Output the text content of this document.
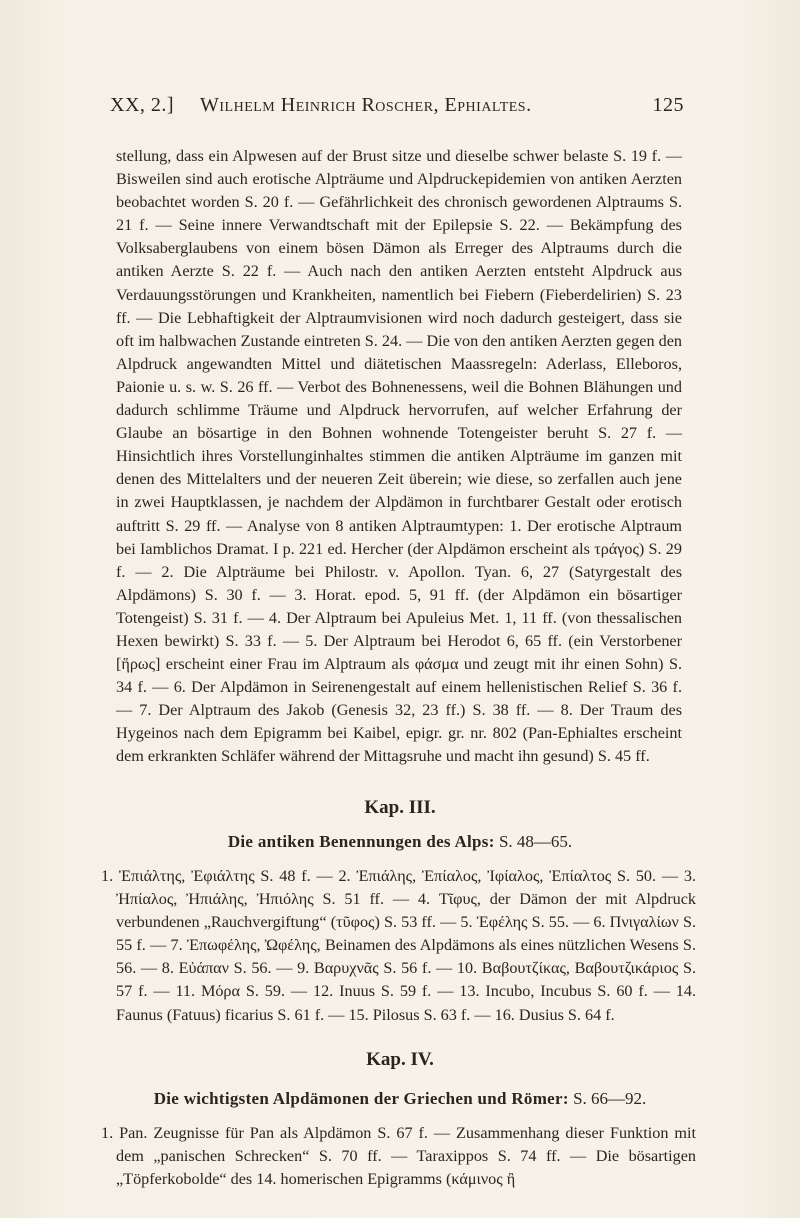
XX, 2.] Wilhelm Heinrich Roscher, Ephialtes.	125

stellung, dass ein Alpwesen auf der Brust sitze und dieselbe schwer belaste S. 19 f. — Bisweilen sind auch erotische Alpträume und Alpdruckepidemien von antiken Aerzten beobachtet worden S. 20 f. — Gefährlichkeit des chronisch gewordenen Alptraums S. 21 f. — Seine innere Verwandtschaft mit der Epilepsie S. 22. — Bekämpfung des Volksaberglaubens von einem bösen Dämon als Erreger des Alptraums durch die antiken Aerzte S. 22 f. — Auch nach den antiken Aerzten entsteht Alpdruck aus Verdauungsstörungen und Krankheiten, namentlich bei Fiebern (Fieberdelirien) S. 23 ff. — Die Lebhaftigkeit der Alptraumvisionen wird noch dadurch gesteigert, dass sie oft im halbwachen Zustande eintreten S. 24. — Die von den antiken Aerzten gegen den Alpdruck angewandten Mittel und diätetischen Maassregeln: Aderlass, Elleboros, Paionie u. s. w. S. 26 ff. — Verbot des Bohnenessens, weil die Bohnen Blähungen und dadurch schlimme Träume und Alpdruck hervorrufen, auf welcher Erfahrung der Glaube an bösartige in den Bohnen wohnende Totengeister beruht S. 27 f. — Hinsichtlich ihres Vorstellunginhaltes stimmen die antiken Alpträume im ganzen mit denen des Mittelalters und der neueren Zeit überein; wie diese, so zerfallen auch jene in zwei Hauptklassen, je nachdem der Alpdämon in furchtbarer Gestalt oder erotisch auftritt S. 29 ff. — Analyse von 8 antiken Alptraumtypen: 1. Der erotische Alptraum bei Iamblichos Dramat. I p. 221 ed. Hercher (der Alpdämon erscheint als τράγος) S. 29 f. — 2. Die Alpträume bei Philostr. v. Apollon. Tyan. 6, 27 (Satyrgestalt des Alpdämons) S. 30 f. — 3. Horat. epod. 5, 91 ff. (der Alpdämon ein bösartiger Totengeist) S. 31 f. — 4. Der Alptraum bei Apuleius Met. 1, 11 ff. (von thessalischen Hexen bewirkt) S. 33 f. — 5. Der Alptraum bei Herodot 6, 65 ff. (ein Verstorbener [ἥρως] erscheint einer Frau im Alptraum als φάσμα und zeugt mit ihr einen Sohn) S. 34 f. — 6. Der Alpdämon in Seirenengestalt auf einem hellenistischen Relief S. 36 f. — 7. Der Alptraum des Jakob (Genesis 32, 23 ff.) S. 38 ff. — 8. Der Traum des Hygeinos nach dem Epigramm bei Kaibel, epigr. gr. nr. 802 (Pan-Ephialtes erscheint dem erkrankten Schläfer während der Mittagsruhe und macht ihn gesund) S. 45 ff.

Kap. III.
Die antiken Benennungen des Alps: S. 48—65.

1. Ἐπιάλτης, Ἐφιάλτης S. 48 f. — 2. Ἐπιάλης, Ἐπίαλος, Ἰφίαλος, Ἐπίαλτος S. 50. — 3. Ἠπίαλος, Ἠπιάλης, Ἠπιόλης S. 51 ff. — 4. Τῖφυς, der Dämon der mit Alpdruck verbundenen „Rauchvergiftung“ (τῦφος) S. 53 ff. — 5. Ἐφέλης S. 55. — 6. Πνιγαλίων S. 55 f. — 7. Ἐπωφέλης, Ὠφέλης, Beinamen des Alpdämons als eines nützlichen Wesens S. 56. — 8. Εὐάπαν S. 56. — 9. Βαρυχνᾶς S. 56 f. — 10. Βαβουτζίκας, Βαβουτζικάριος S. 57 f. — 11. Μόρα S. 59. — 12. Inuus S. 59 f. — 13. Incubo, Incubus S. 60 f. — 14. Faunus (Fatuus) ficarius S. 61 f. — 15. Pilosus S. 63 f. — 16. Dusius S. 64 f.

Kap. IV.
Die wichtigsten Alpdämonen der Griechen und Römer: S. 66—92.

1. Pan. Zeugnisse für Pan als Alpdämon S. 67 f. — Zusammenhang dieser Funktion mit dem „panischen Schrecken“ S. 70 ff. — Taraxippos S. 74 ff. — Die bösartigen „Töpferkobolde“ des 14. homerischen Epigramms (κάμινος ἢ
